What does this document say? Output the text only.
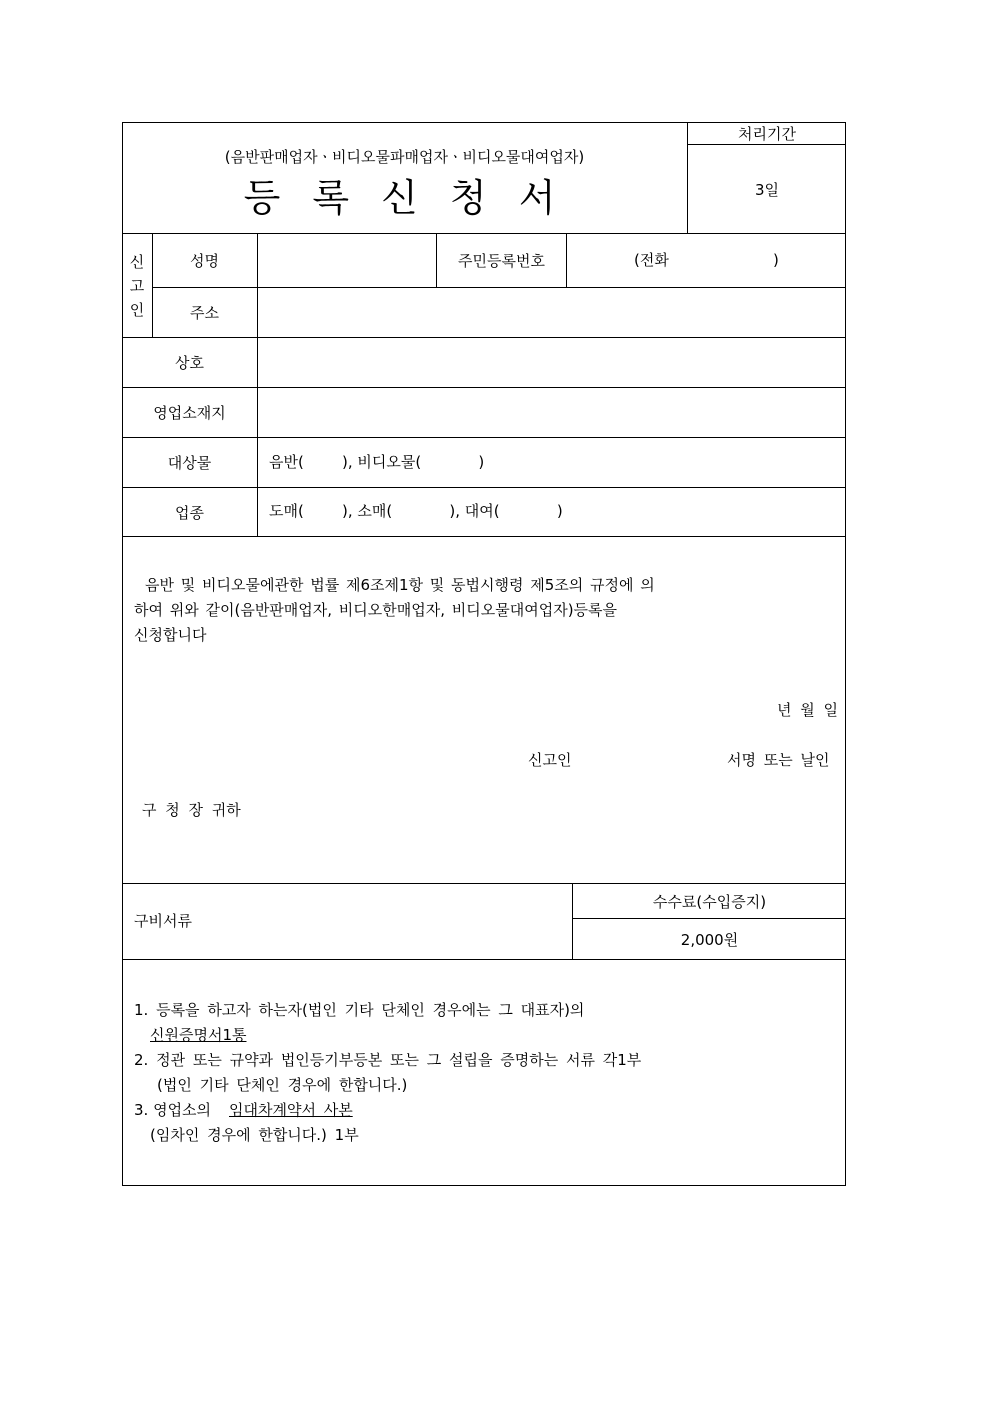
(음반판매업자ㆍ비디오물파매업자ㆍ비디오물대여업자)
등 록 신 청 서
처리기간
3일
신
고
인
성명	주민등록번호	(전화	)
주소
상호
영업소재지
대상물	음반(        ), 비디오물(            )
업종	도매(        ), 소매(            ), 대여(            )
음반 및 비디오물에관한 법률 제6조제1항 및 동법시행령 제5조의 규정에 의
하여 위와 같이(음반판매업자, 비디오한매업자, 비디오물대여업자)등록을
신청합니다
년 월 일
신고인	서명 또는 날인
구 청 장 귀하
구비서류
수수료(수입증지)
2,000원
1. 등록을 하고자 하는자(법인 기타 단체인 경우에는 그 대표자)의
신원증명서1통
2. 정관 또는 규약과 법인등기부등본 또는 그 설립을 증명하는 서류 각1부
(법인 기타 단체인 경우에 한합니다.)
3. 영업소의 임대차계약서 사본
(임차인 경우에 한합니다.) 1부
